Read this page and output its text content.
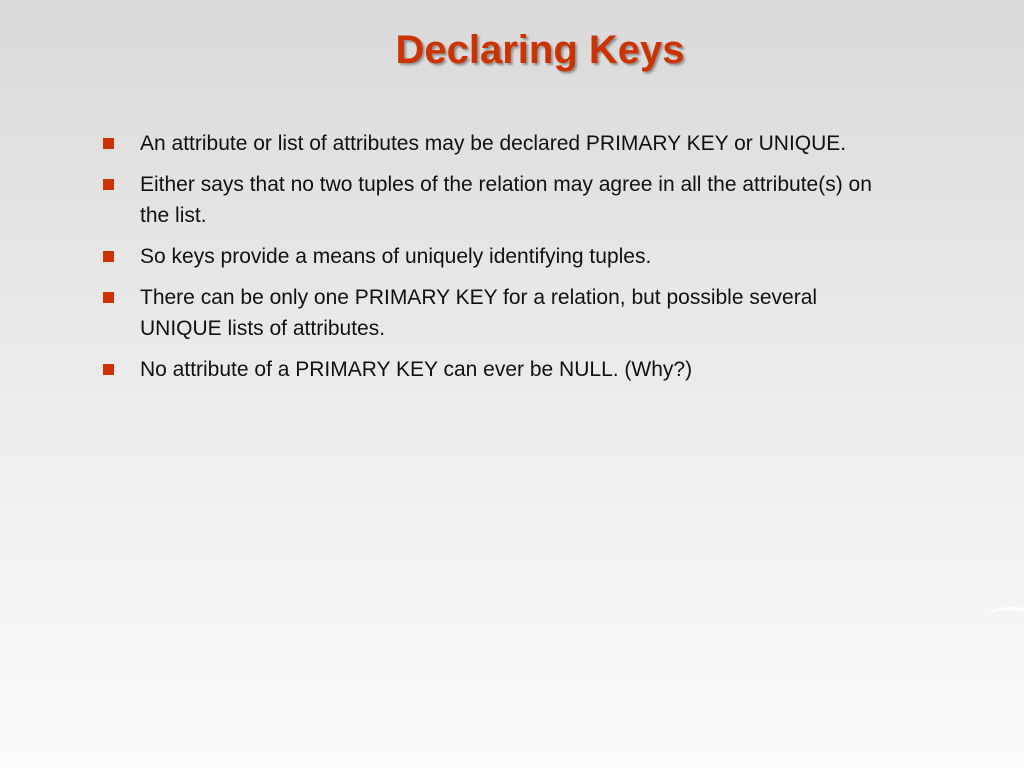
Declaring Keys
An attribute or list of attributes may be declared PRIMARY KEY or UNIQUE.
Either says that no two tuples of the relation may agree in all the attribute(s) on the list.
So keys provide a means of uniquely identifying tuples.
There can be only one PRIMARY KEY for a relation, but possible several UNIQUE lists of attributes.
No attribute of a PRIMARY KEY can ever be NULL. (Why?)
